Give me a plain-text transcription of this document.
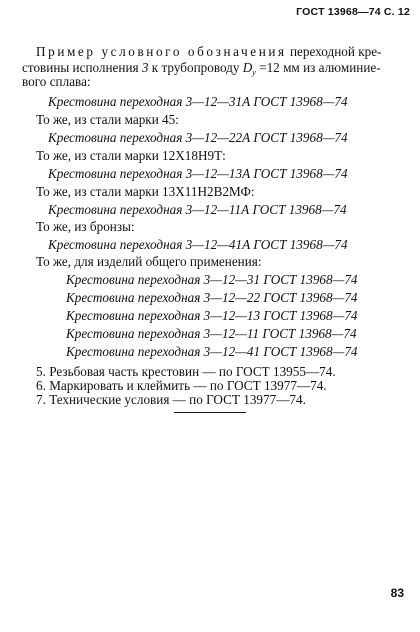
ГОСТ 13968—74 С. 12
Пример условного обозначения переходной кре-
стовины исполнения 3 к трубопроводу $D_у =12$ мм из алюминие-
вого сплава:
Крестовина переходная 3—12—31А ГОСТ 13968—74
То же, из стали марки 45:
Крестовина переходная 3—12—22А ГОСТ 13968—74
То же, из стали марки 12Х18Н9Т:
Крестовина переходная 3—12—13А ГОСТ 13968—74
То же, из стали марки 13Х11Н2В2МФ:
Крестовина переходная 3—12—11А ГОСТ 13968—74
То же, из бронзы:
Крестовина переходная 3—12—41А ГОСТ 13968—74
То же, для изделий общего применения:
Крестовина переходная 3—12—31 ГОСТ 13968—74
Крестовина переходная 3—12—22 ГОСТ 13968—74
Крестовина переходная 3—12—13 ГОСТ 13968—74
Крестовина переходная 3—12—11 ГОСТ 13968—74
Крестовина переходная 3—12—41 ГОСТ 13968—74
5. Резьбовая часть крестовин — по ГОСТ 13955—74.
6. Маркировать и клеймить — по ГОСТ 13977—74.
7. Технические условия — по ГОСТ 13977—74.
83
